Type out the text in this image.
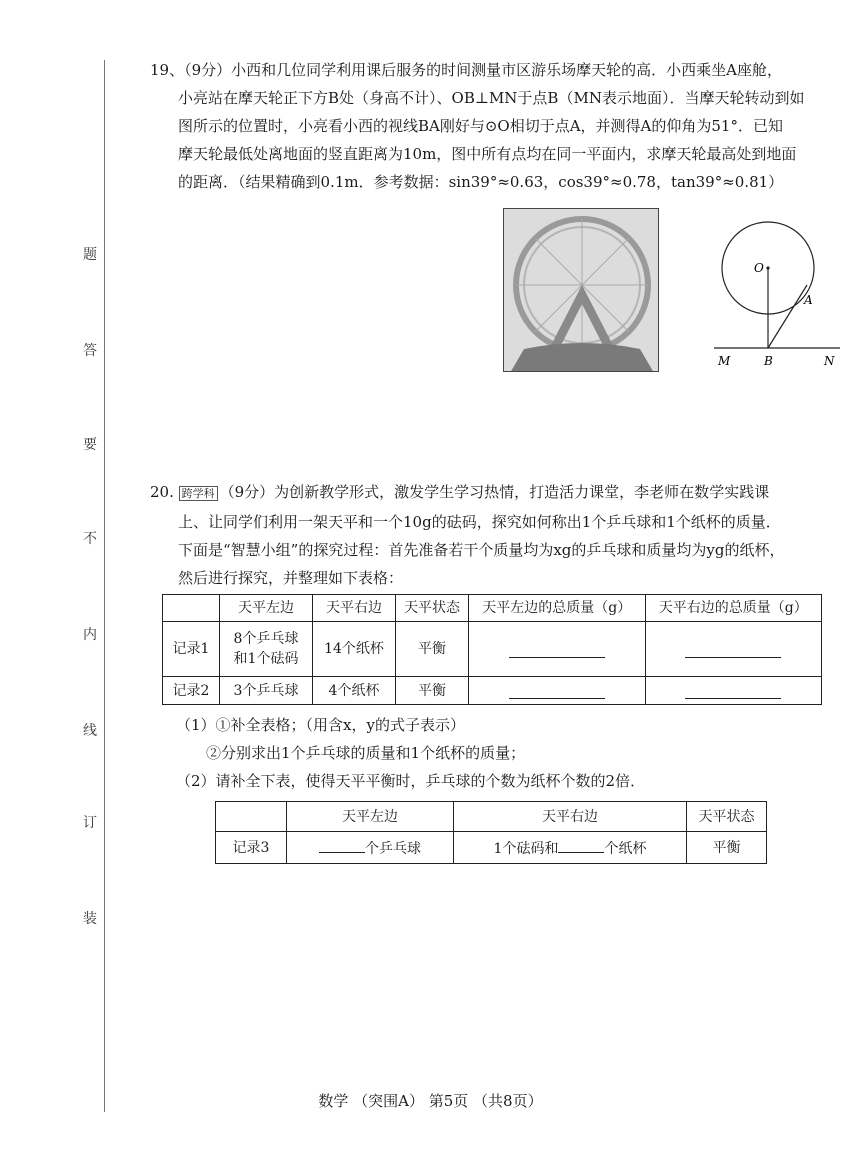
题
答
要
不
内
线
订
装

19、（9分）小西和几位同学利用课后服务的时间测量市区游乐场摩天轮的高．小西乘坐A座舱，

小亮站在摩天轮正下方B处（身高不计）、OB⊥MN于点B（MN表示地面）．当摩天轮转动到如

图所示的位置时，小亮看小西的视线BA刚好与⊙O相切于点A，并测得A的仰角为51°．已知

摩天轮最低处离地面的竖直距离为10m，图中所有点均在同一平面内，求摩天轮最高处到地面

的距离．（结果精确到0.1m．参考数据：sin39°≈0.63，cos39°≈0.78，tan39°≈0.81）

O
A
M	B	N

20. 跨学科 （9分）为创新教学形式，激发学生学习热情，打造活力课堂，李老师在数学实践课

上、让同学们利用一架天平和一个10g的砝码，探究如何称出1个乒乓球和1个纸杯的质量．

下面是“智慧小组”的探究过程：首先准备若干个质量均为xg的乒乓球和质量均为yg的纸杯，

然后进行探究，并整理如下表格：

	天平左边	天平右边	天平状态	天平左边的总质量（g）	天平右边的总质量（g）
记录1	8个乒乓球
和1个砝码	14个纸杯	平衡		
记录2	3个乒乓球	4个纸杯	平衡		
（1）①补全表格；（用含x，y的式子表示）
②分别求出1个乒乓球的质量和1个纸杯的质量；
（2）请补全下表，使得天平平衡时，乒乓球的个数为纸杯个数的2倍．
	天平左边	天平右边	天平状态
记录3	个乒乓球	1个砝码和 个纸杯	平衡
数学 （突围A） 第5页 （共8页）
